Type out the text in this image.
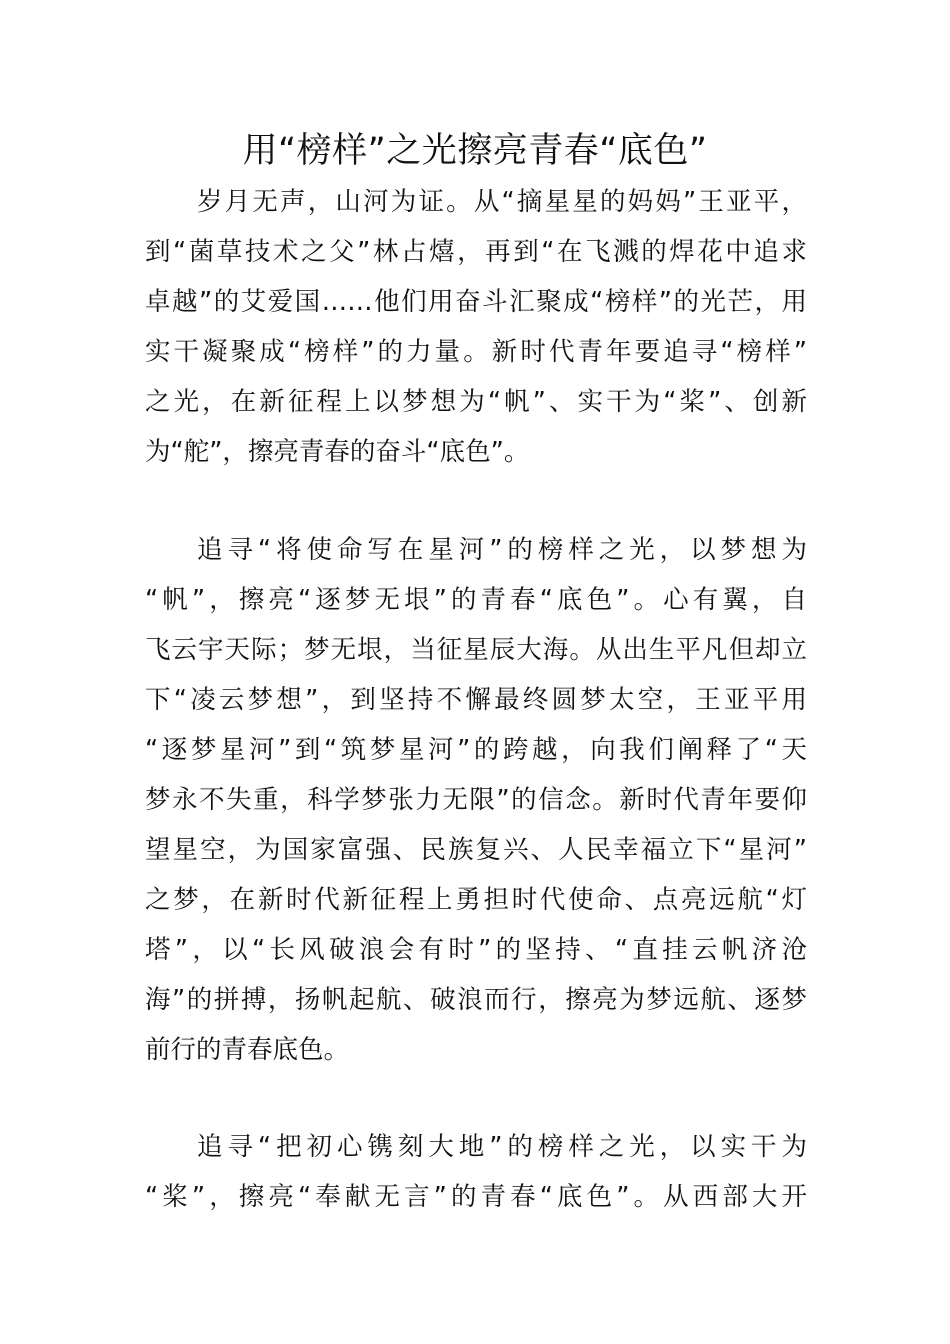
用“榜样”之光擦亮青春“底色”
岁月无声，山河为证。从“摘星星的妈妈”王亚平，
到“菌草技术之父”林占熺，再到“在飞溅的焊花中追求
卓越”的艾爱国……他们用奋斗汇聚成“榜样”的光芒，用
实干凝聚成“榜样”的力量。新时代青年要追寻“榜样”
之光，在新征程上以梦想为“帆”、实干为“桨”、创新
为“舵”，擦亮青春的奋斗“底色”。
追寻“将使命写在星河”的榜样之光，以梦想为
“帆”，擦亮“逐梦无垠”的青春“底色”。心有翼，自
飞云宇天际；梦无垠，当征星辰大海。从出生平凡但却立
下“凌云梦想”，到坚持不懈最终圆梦太空，王亚平用
“逐梦星河”到“筑梦星河”的跨越，向我们阐释了“天
梦永不失重，科学梦张力无限”的信念。新时代青年要仰
望星空，为国家富强、民族复兴、人民幸福立下“星河”
之梦，在新时代新征程上勇担时代使命、点亮远航“灯
塔”，以“长风破浪会有时”的坚持、“直挂云帆济沧
海”的拼搏，扬帆起航、破浪而行，擦亮为梦远航、逐梦
前行的青春底色。
追寻“把初心镌刻大地”的榜样之光，以实干为
“桨”，擦亮“奉献无言”的青春“底色”。从西部大开
